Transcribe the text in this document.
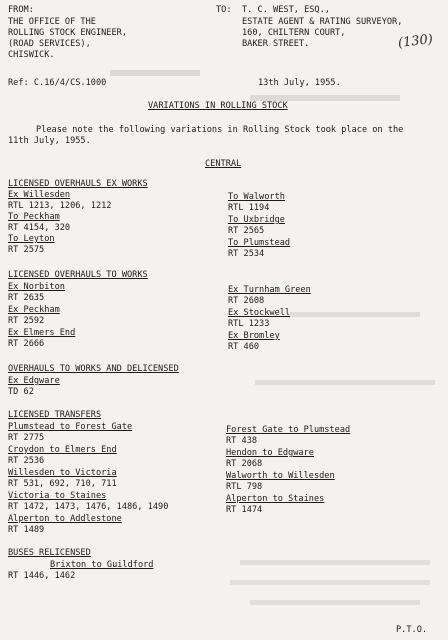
FROM:
THE OFFICE OF THE
ROLLING STOCK ENGINEER,
(ROAD SERVICES),
CHISWICK.
TO: T. C. WEST, ESQ.,
ESTATE AGENT & RATING SURVEYOR,
160, CHILTERN COURT,
BAKER STREET.	(130)
Ref: C.16/4/CS.1000	13th July, 1955.
VARIATIONS IN ROLLING STOCK
Please note the following variations in Rolling Stock took place on the
11th July, 1955.
CENTRAL
LICENSED OVERHAULS EX WORKS
Ex Willesden
RTL 1213, 1206, 1212
To Peckham
RT 4154, 320
To Leyton
RT 2575
LICENSED OVERHAULS TO WORKS
Ex Norbiton
RT 2635
Ex Peckham
RT 2592
Ex Elmers End
RT 2666
OVERHAULS TO WORKS AND DELICENSED
Ex Edgware
TD 62
LICENSED TRANSFERS
Plumstead to Forest Gate
RT 2775
Croydon to Elmers End
RT 2536
Willesden to Victoria
RT 531, 692, 710, 711
Victoria to Staines
RT 1472, 1473, 1476, 1486, 1490
Alperton to Addlestone
RT 1489
BUSES RELICENSED
Brixton to Guildford
RT 1446, 1462
To Walworth
RTL 1194
To Uxbridge
RT 2565
To Plumstead
RT 2534
Ex Turnham Green
RT 2608
Ex Stockwell
RTL 1233
Ex Bromley
RT 460
Forest Gate to Plumstead
RT 438
Hendon to Edgware
RT 2068
Walworth to Willesden
RTL 798
Alperton to Staines
RT 1474
P.T.O.
